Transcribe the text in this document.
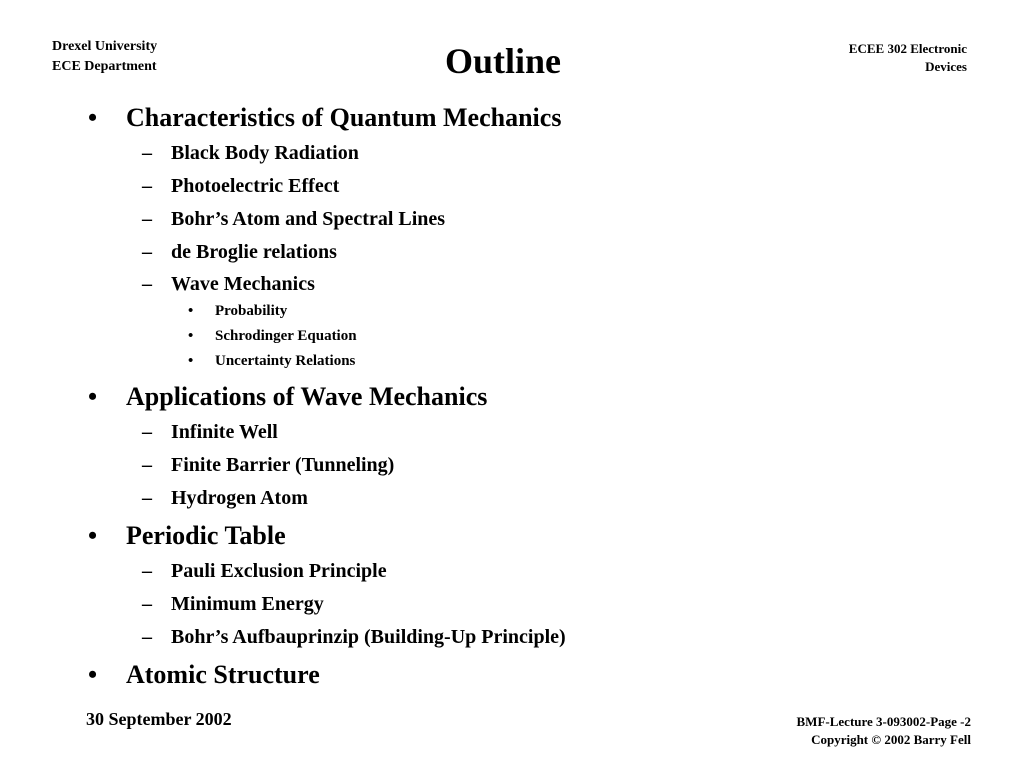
Drexel University
ECE Department	Outline	ECEE 302 Electronic
Devices
• Characteristics of Quantum Mechanics
– Black Body Radiation
– Photoelectric Effect
– Bohr’s Atom and Spectral Lines
– de Broglie relations
– Wave Mechanics
• Probability
• Schrodinger Equation
• Uncertainty Relations
• Applications of Wave Mechanics
– Infinite Well
– Finite Barrier (Tunneling)
– Hydrogen Atom
• Periodic Table
– Pauli Exclusion Principle
– Minimum Energy
– Bohr’s Aufbauprinzip (Building-Up Principle)
• Atomic Structure
30 September 2002	BMF-Lecture 3-093002-Page -2
Copyright © 2002 Barry Fell
